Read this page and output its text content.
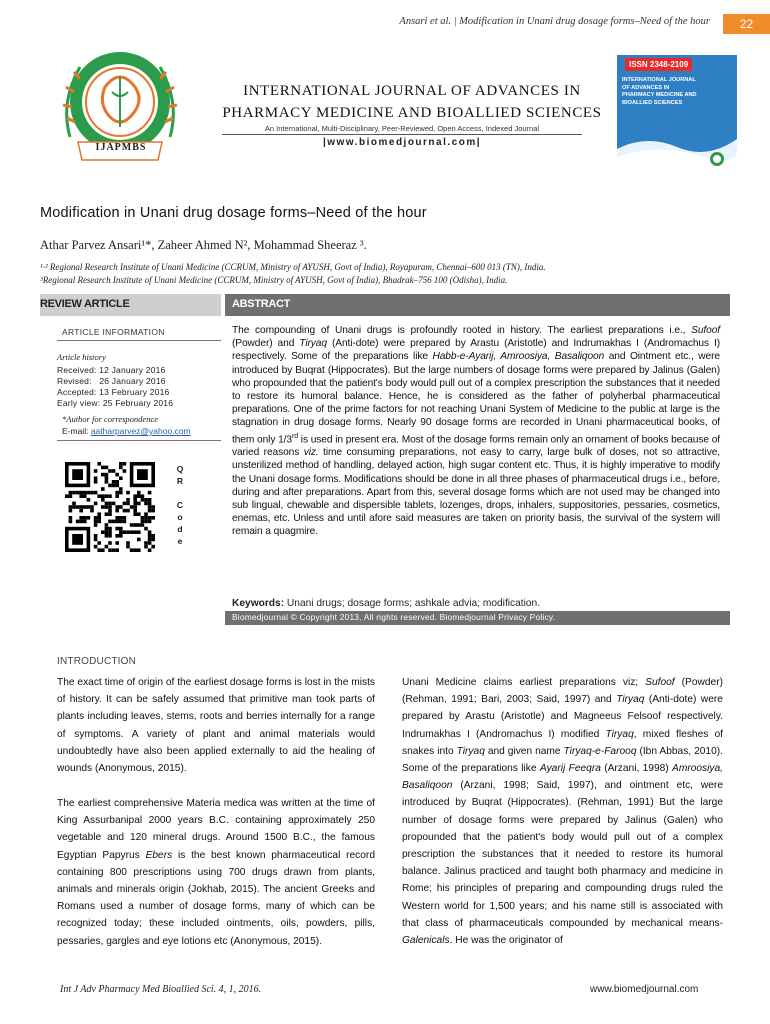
Ansari et al. | Modification in Unani drug dosage forms–Need of the hour	22
IJAPMBS
INTERNATIONAL JOURNAL OF ADVANCES IN
PHARMACY MEDICINE AND BIOALLIED SCIENCES
An International, Multi-Disciplinary, Peer-Reviewed, Open Access, Indexed Journal
|www.biomedjournal.com|
ISSN 2348-2109
INTERNATIONAL JOURNAL OF ADVANCES IN PHARMACY MEDICINE AND BIOALLIED SCIENCES
Modification in Unani drug dosage forms–Need of the hour
Athar Parvez Ansari¹*, Zaheer Ahmed N², Mohammad Sheeraz ³.
¹·² Regional Research Institute of Unani Medicine (CCRUM, Ministry of AYUSH, Govt of India), Royapuram, Chennai–600 013 (TN), India.
³Regional Research Institute of Unani Medicine (CCRUM, Ministry of AYUSH, Govt of India), Bhadrak–756 100 (Odisha), India.
REVIEW ARTICLE	ABSTRACT
ARTICLE INFORMATION
Article history
Received: 12 January 2016
Revised:   26 January 2016
Accepted: 13 February 2016
Early view: 25 February 2016
*Author for correspondence
E-mail: aatharparvez@yahoo.com
Q
R
C
o
d
e
The compounding of Unani drugs is profoundly rooted in history. The earliest preparations i.e., Sufoof (Powder) and Tiryaq (Anti-dote) were prepared by Arastu (Aristotle) and Indrumakhas I (Andromachus I) respectively. Some of the preparations like Habb-e-Ayarij, Amroosiya, Basaliqoon and Ointment etc., were introduced by Buqrat (Hippocrates). But the large numbers of dosage forms were prepared by Jalinus (Galen) who propounded that the patient's body would pull out of a complex prescription the substances that it needed to restore its humoral balance. Hence, he is considered as the father of polyherbal pharmaceutical preparations. One of the prime factors for not reaching Unani System of Medicine to the public at large is the stagnation in drug dosage forms. Nearly 90 dosage forms are recorded in Unani pharmaceutical books, of them only 1/3rd is used in present era. Most of the dosage forms remain only an ornament of books because of varied reasons viz. time consuming preparations, not easy to carry, large bulk of doses, not so attractive, unsterilized method of handling, delayed action, high sugar content etc. Thus, it is highly imperative to modify the Unani dosage forms. Modifications should be done in all three phases of pharmaceutical drugs i.e., before, during and after preparations. Apart from this, several dosage forms which are not used may be changed into sub lingual, chewable and dispersible tablets, lozenges, drops, inhalers, suppositories, pessaries, cosmetics, enemas, etc. Unless and until afore said measures are taken on priority basis, the survival of the system will remain a quagmire.
Keywords: Unani drugs; dosage forms; ashkale advia; modification.
Biomedjournal © Copyright 2013, All rights reserved. Biomedjournal Privacy Policy.
INTRODUCTION
The exact time of origin of the earliest dosage forms is lost in the mists of history. It can be safely assumed that primitive man took parts of plants including leaves, stems, roots and berries internally for a range of symptoms. A variety of plant and animal materials would undoubtedly have also been applied externally to aid the healing of wounds (Anonymous, 2015).
The earliest comprehensive Materia medica was written at the time of King Assurbanipal 2000 years B.C. containing approximately 250 vegetable and 120 mineral drugs. Around 1500 B.C., the famous Egyptian Papyrus Ebers is the best known pharmaceutical record containing 800 prescriptions using 700 drugs drawn from plants, animals and minerals origin (Jokhab, 2015). The ancient Greeks and Romans used a number of dosage forms, many of which can be recognized today; these included ointments, oils, powders, pills, pessaries, gargles and eye lotions etc (Anonymous, 2015).
Unani Medicine claims earliest preparations viz; Sufoof (Powder) (Rehman, 1991; Bari, 2003; Said, 1997) and Tiryaq (Anti-dote) were prepared by Arastu (Aristotle) and Magneeus Felsoof respectively. Indrumakhas I (Andromachus I) modified Tiryaq, mixed fleshes of snakes into Tiryaq and given name Tiryaq-e-Farooq (Ibn Abbas, 2010). Some of the preparations like Ayarij Feeqra (Arzani, 1998) Amroosiya, Basaliqoon (Arzani, 1998; Said, 1997), and ointment etc, were introduced by Buqrat (Hippocrates). (Rehman, 1991) But the large number of dosage forms were prepared by Jalinus (Galen) who propounded that the patient's body would pull out of a complex prescription the substances that it needed to restore its humoral balance. Jalinus practiced and taught both pharmacy and medicine in Rome; his principles of preparing and compounding drugs ruled the Western world for 1,500 years; and his name still is associated with that class of pharmaceuticals compounded by mechanical means-Galenicals. He was the originator of
Int J Adv Pharmacy Med Bioallied Sci. 4, 1, 2016.	www.biomedjournal.com
